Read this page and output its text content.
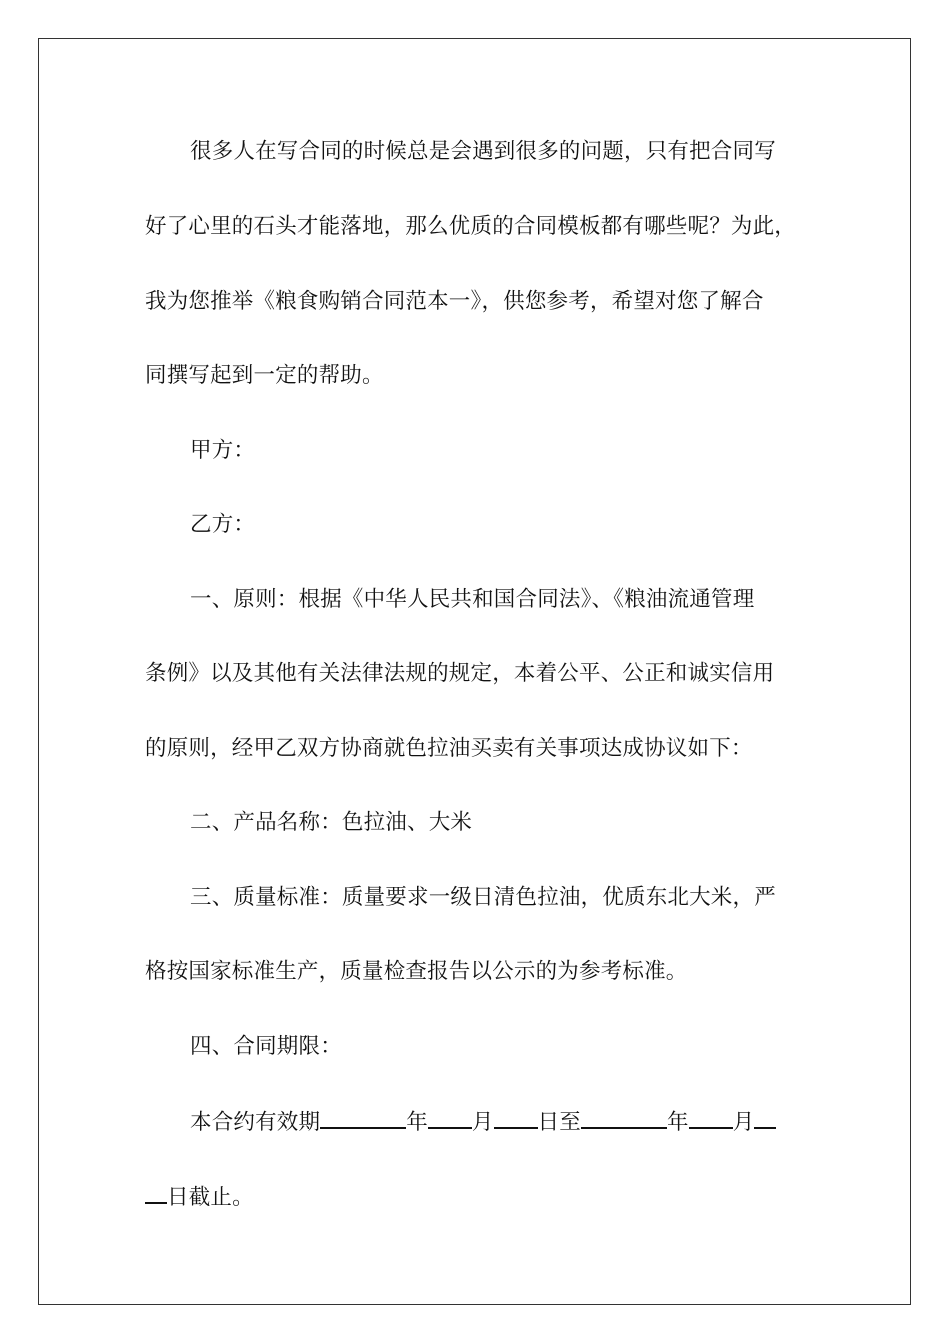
很多人在写合同的时候总是会遇到很多的问题，只有把合同写
好了心里的石头才能落地，那么优质的合同模板都有哪些呢？为此，
我为您推举《粮食购销合同范本一》，供您参考，希望对您了解合
同撰写起到一定的帮助。
甲方：
乙方：
一、原则：根据《中华人民共和国合同法》、《粮油流通管理
条例》以及其他有关法律法规的规定，本着公平、公正和诚实信用
的原则，经甲乙双方协商就色拉油买卖有关事项达成协议如下：
二、产品名称：色拉油、大米
三、质量标准：质量要求一级日清色拉油，优质东北大米，严
格按国家标准生产，质量检查报告以公示的为参考标准。
四、合同期限：
本合约有效期	年 月 日至	年 月
日截止。
